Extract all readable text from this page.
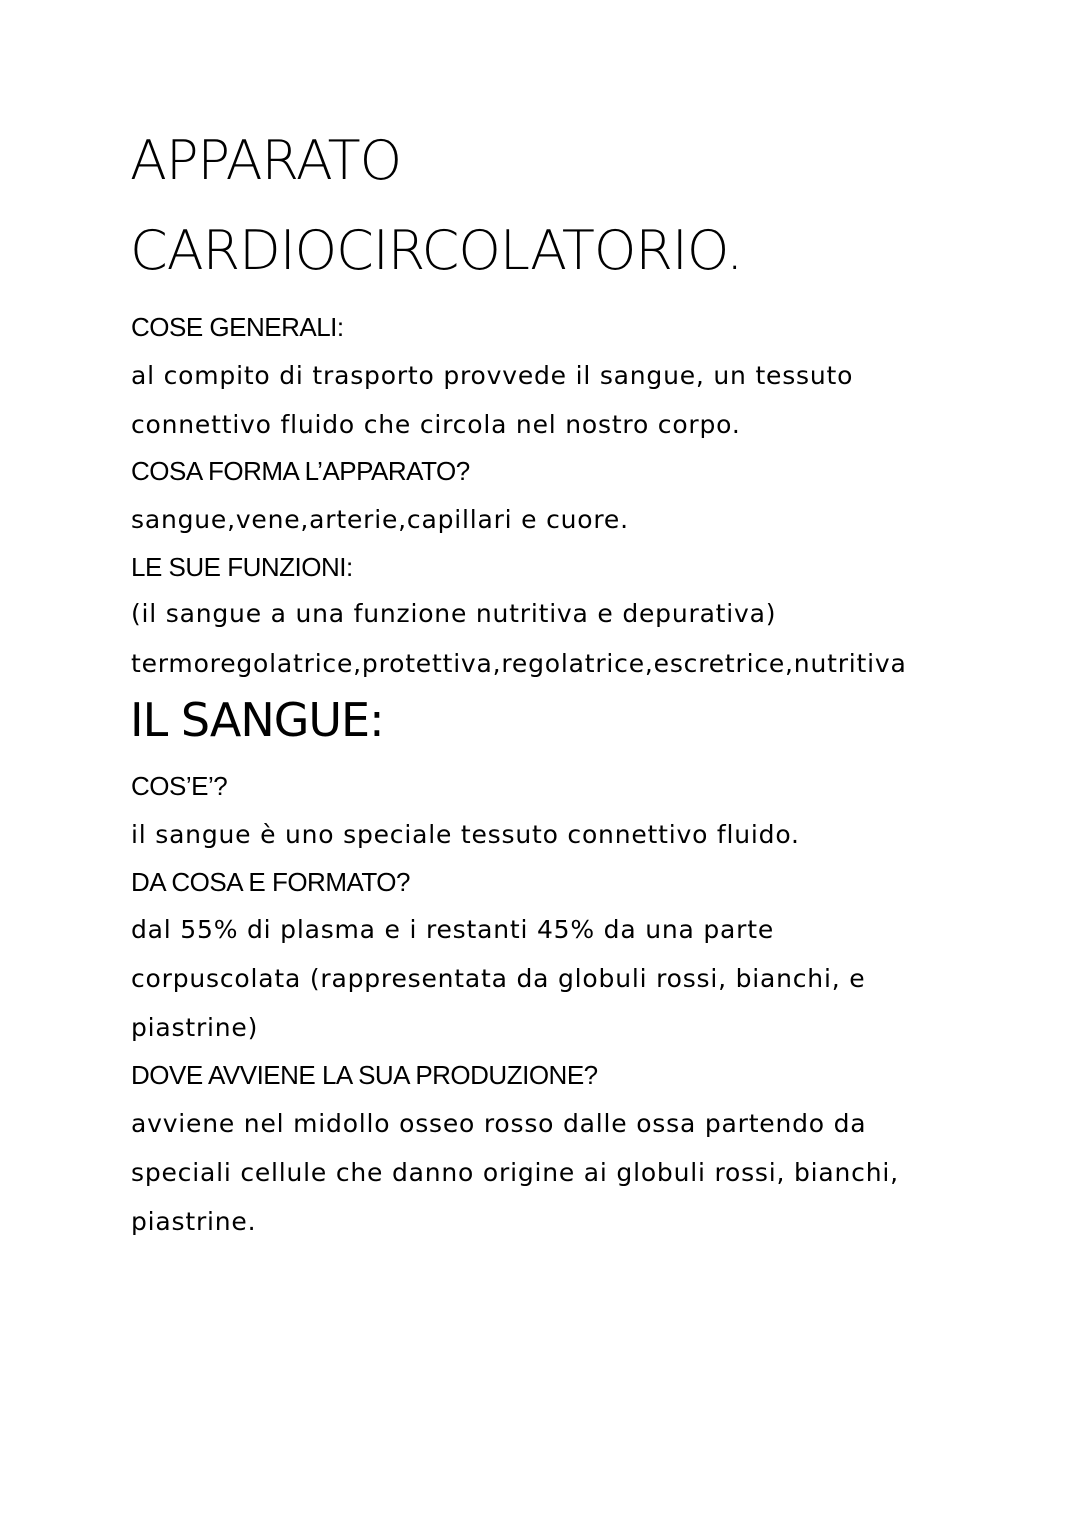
APPARATO
CARDIOCIRCOLATORIO.
COSE GENERALI:
al compito di trasporto provvede il sangue, un tessuto
connettivo fluido che circola nel nostro corpo.
COSA FORMA L’APPARATO?
sangue,vene,arterie,capillari e cuore.
LE SUE FUNZIONI:
(il sangue a una funzione nutritiva e depurativa)
termoregolatrice,protettiva,regolatrice,escretrice,nutritiva
IL SANGUE:
COS’E’?
il sangue è uno speciale tessuto connettivo fluido.
DA COSA E FORMATO?
dal 55% di plasma e i restanti 45% da una parte
corpuscolata (rappresentata da globuli rossi, bianchi, e
piastrine)
DOVE AVVIENE LA SUA PRODUZIONE?
avviene nel midollo osseo rosso dalle ossa partendo da
speciali cellule che danno origine ai globuli rossi, bianchi,
piastrine.
